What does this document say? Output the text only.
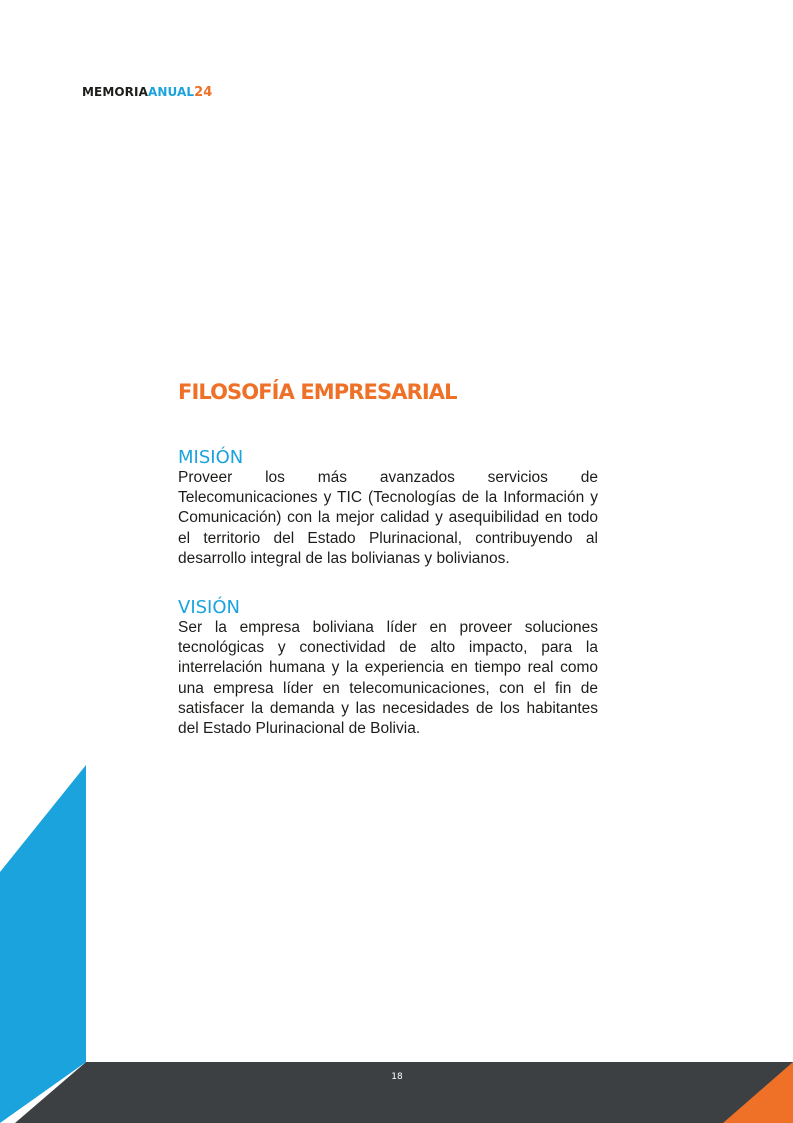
MEMORIAANUAL24
FILOSOFÍA EMPRESARIAL
MISIÓN

Proveer los más avanzados servicios de Telecomunicaciones y TIC (Tecnologías de la Información y Comunicación) con la mejor calidad y asequibilidad en todo el territorio del Estado Plurinacional, contribuyendo al desarrollo integral de las bolivianas y bolivianos.

VISIÓN

Ser la empresa boliviana líder en proveer soluciones tecnológicas y conectividad de alto impacto, para la interrelación humana y la experiencia en tiempo real como una empresa líder en telecomunicaciones, con el fin de satisfacer la demanda y las necesidades de los habitantes del Estado Plurinacional de Bolivia.

18
